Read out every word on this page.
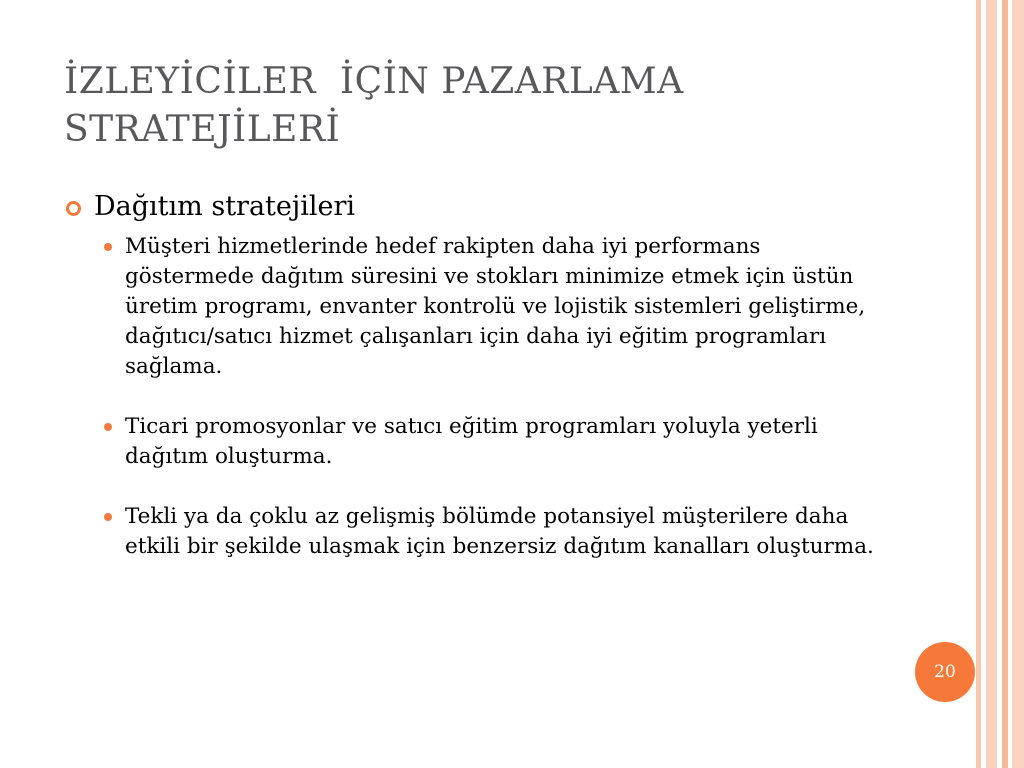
İZLEYİCİLER  İÇİN PAZARLAMA
STRATEJİLERİ
Dağıtım stratejileri
Müşteri hizmetlerinde hedef rakipten daha iyi performans göstermede dağıtım süresini ve stokları minimize etmek için üstün üretim programı, envanter kontrolü ve lojistik sistemleri geliştirme, dağıtıcı/satıcı hizmet çalışanları için daha iyi eğitim programları sağlama.
Ticari promosyonlar ve satıcı eğitim programları yoluyla yeterli dağıtım oluşturma.
Tekli ya da çoklu az gelişmiş bölümde potansiyel müşterilere daha etkili bir şekilde ulaşmak için benzersiz dağıtım kanalları oluşturma.
20
